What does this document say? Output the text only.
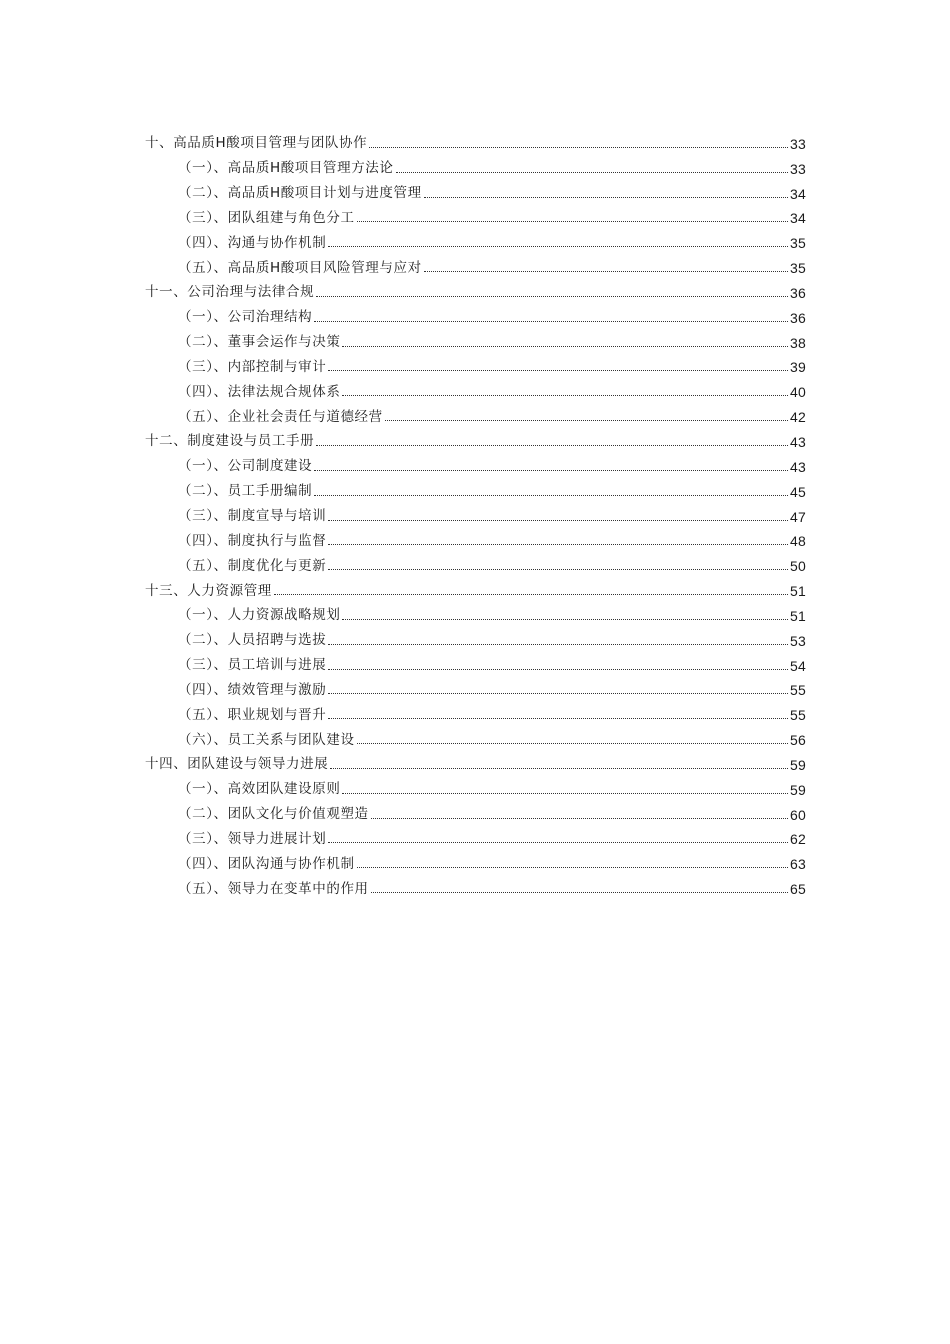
十、高品质H酸项目管理与团队协作	33
（一）、高品质H酸项目管理方法论	33
（二）、高品质H酸项目计划与进度管理	34
（三）、团队组建与角色分工	34
（四）、沟通与协作机制	35
（五）、高品质H酸项目风险管理与应对	35
十一、公司治理与法律合规	36
（一）、公司治理结构	36
（二）、董事会运作与决策	38
（三）、内部控制与审计	39
（四）、法律法规合规体系	40
（五）、企业社会责任与道德经营	42
十二、制度建设与员工手册	43
（一）、公司制度建设	43
（二）、员工手册编制	45
（三）、制度宣导与培训	47
（四）、制度执行与监督	48
（五）、制度优化与更新	50
十三、人力资源管理	51
（一）、人力资源战略规划	51
（二）、人员招聘与选拔	53
（三）、员工培训与进展	54
（四）、绩效管理与激励	55
（五）、职业规划与晋升	55
（六）、员工关系与团队建设	56
十四、团队建设与领导力进展	59
（一）、高效团队建设原则	59
（二）、团队文化与价值观塑造	60
（三）、领导力进展计划	62
（四）、团队沟通与协作机制	63
（五）、领导力在变革中的作用	65
